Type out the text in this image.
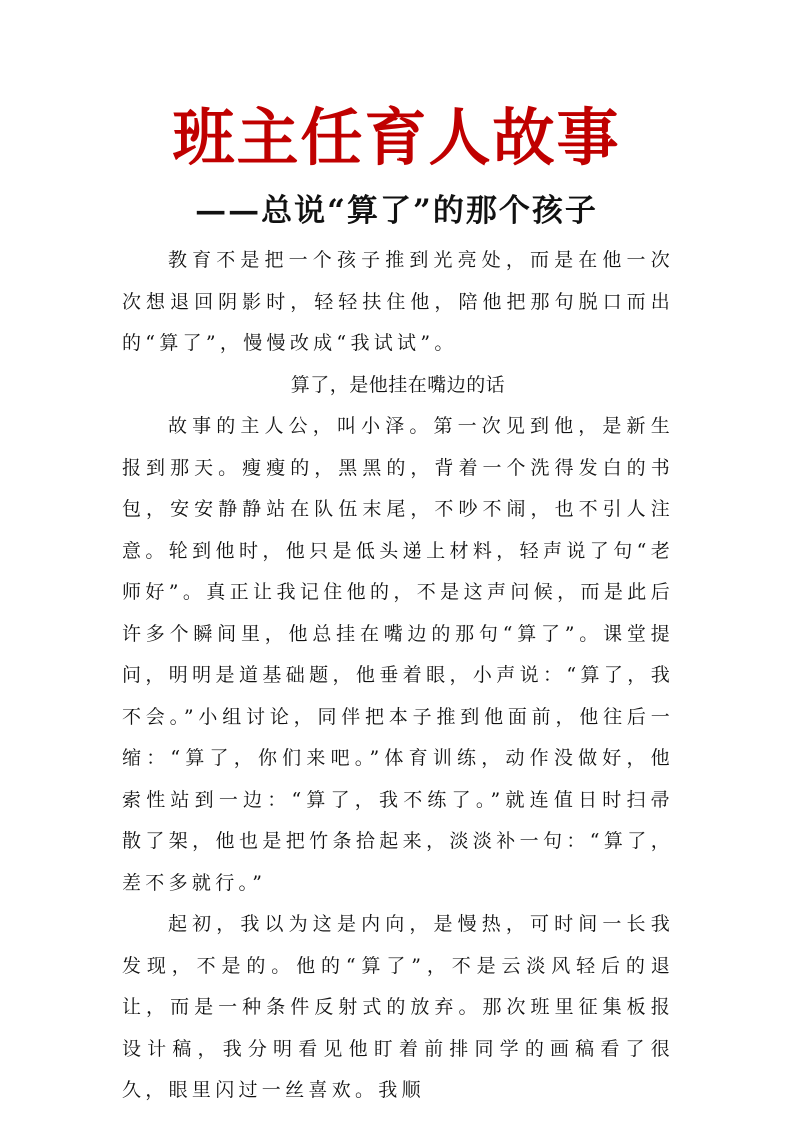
班主任育人故事
——总说“算了”的那个孩子

教育不是把一个孩子推到光亮处，而是在他一次次想退回阴影时，轻轻扶住他，陪他把那句脱口而出的“算了”，慢慢改成“我试试”。

算了，是他挂在嘴边的话

故事的主人公，叫小泽。第一次见到他，是新生报到那天。瘦瘦的，黑黑的，背着一个洗得发白的书包，安安静静站在队伍末尾，不吵不闹，也不引人注意。轮到他时，他只是低头递上材料，轻声说了句“老师好”。真正让我记住他的，不是这声问候，而是此后许多个瞬间里，他总挂在嘴边的那句“算了”。课堂提问，明明是道基础题，他垂着眼，小声说：“算了，我不会。”小组讨论，同伴把本子推到他面前，他往后一缩：“算了，你们来吧。”体育训练，动作没做好，他索性站到一边：“算了，我不练了。”就连值日时扫帚散了架，他也是把竹条拾起来，淡淡补一句：“算了，差不多就行。”

起初，我以为这是内向，是慢热，可时间一长我发现，不是的。他的“算了”，不是云淡风轻后的退让，而是一种条件反射式的放弃。那次班里征集板报设计稿，我分明看见他盯着前排同学的画稿看了很久，眼里闪过一丝喜欢。我顺
